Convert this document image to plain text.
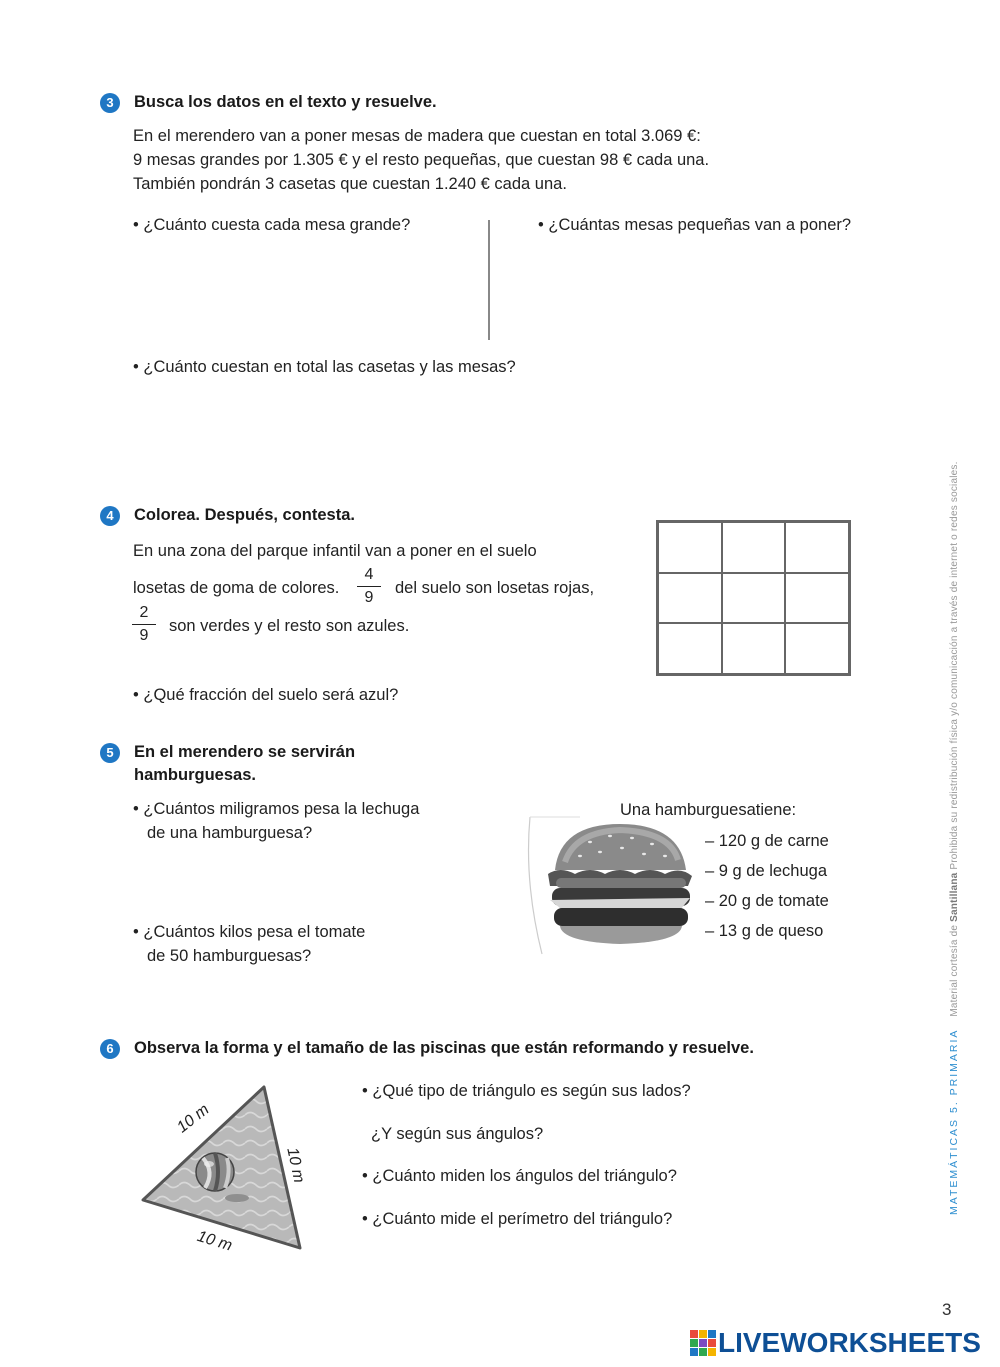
3	Busca los datos en el texto y resuelve.
En el merendero van a poner mesas de madera que cuestan en total 3.069 €:
9 mesas grandes por 1.305 € y el resto pequeñas, que cuestan 98 € cada una.
También pondrán 3 casetas que cuestan 1.240 € cada una.
• ¿Cuánto cuesta cada mesa grande?	• ¿Cuántas mesas pequeñas van a poner?
• ¿Cuánto cuestan en total las casetas y las mesas?
4	Colorea. Después, contesta.
En una zona del parque infantil van a poner en el suelo
losetas de goma de colores.
4
9
del suelo son losetas rojas,
2
9
son verdes y el resto son azules.
• ¿Qué fracción del suelo será azul?
5	En el merendero se servirán
hamburguesas.
• ¿Cuántos miligramos pesa la lechuga
de una hamburguesa?
• ¿Cuántos kilos pesa el tomate
de 50 hamburguesas?
Una hamburguesatiene:
– 120 g de carne
– 9 g de lechuga
– 20 g de tomate
– 13 g de queso
6	Observa la forma y el tamaño de las piscinas que están reformando y resuelve.
10 m
10 m
10 m
• ¿Qué tipo de triángulo es según sus lados?
¿Y según sus ángulos?
• ¿Cuánto miden los ángulos del triángulo?
• ¿Cuánto mide el perímetro del triángulo?
MATEMÁTICAS 5. PRIMARIA    Material cortesía de Santillana Prohibida su redistribución física y/o comunicación a través de internet o redes sociales.
3
LIVEWORKSHEETS
